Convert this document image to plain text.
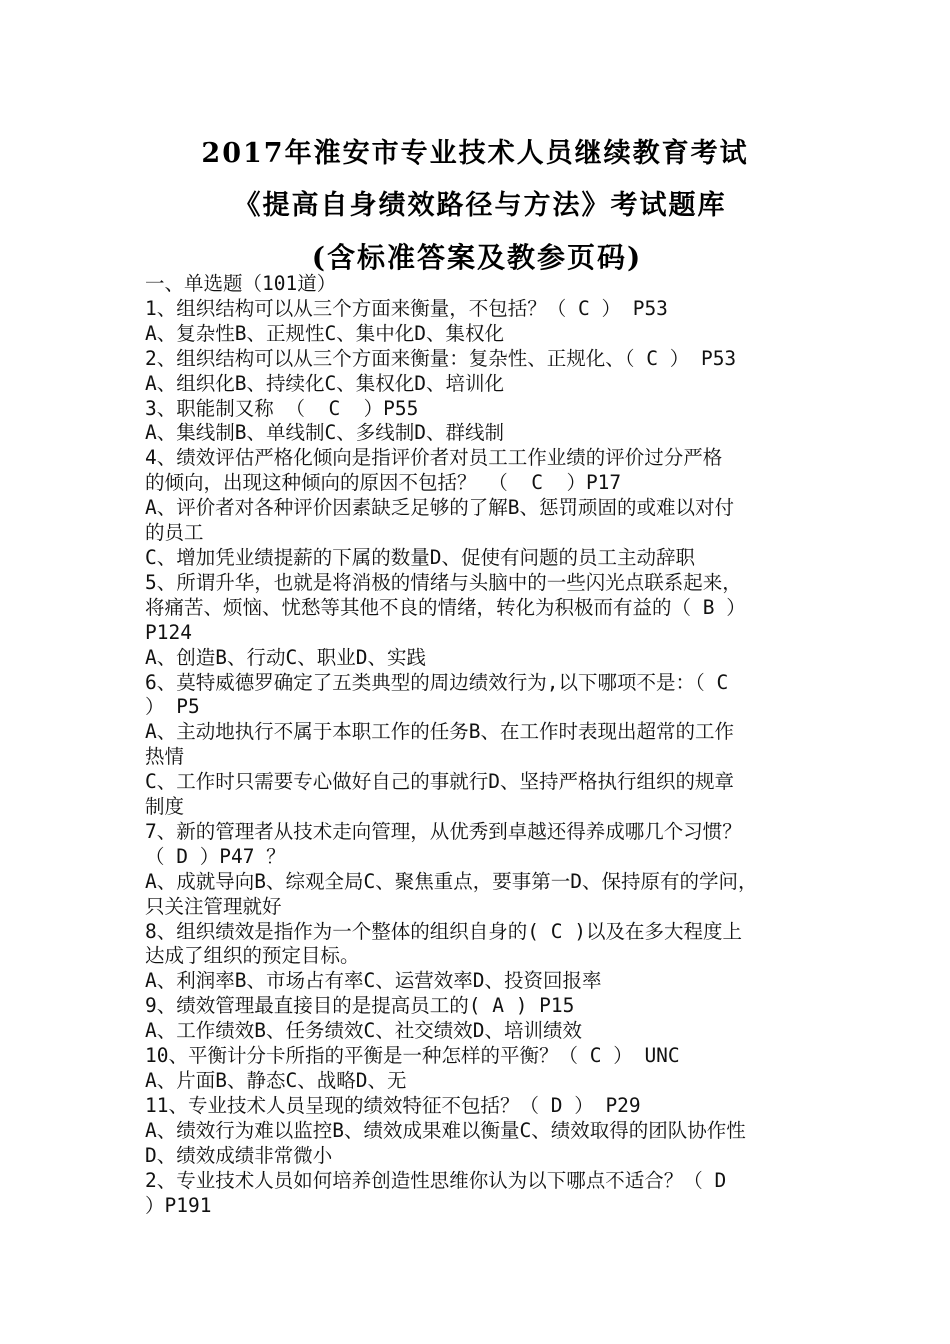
2017年淮安市专业技术人员继续教育考试
《提高自身绩效路径与方法》考试题库
(含标准答案及教参页码)
一、单选题（101道）
1、组织结构可以从三个方面来衡量，不包括？（ C ） P53
A、复杂性B、正规性C、集中化D、集权化
2、组织结构可以从三个方面来衡量：复杂性、正规化、（ C ） P53
A、组织化B、持续化C、集权化D、培训化
3、职能制又称 （  C  ）P55
A、集线制B、单线制C、多线制D、群线制
4、绩效评估严格化倾向是指评价者对员工工作业绩的评价过分严格
的倾向，出现这种倾向的原因不包括？ （  C  ）P17
A、评价者对各种评价因素缺乏足够的了解B、惩罚顽固的或难以对付
的员工
C、增加凭业绩提薪的下属的数量D、促使有问题的员工主动辞职
5、所谓升华，也就是将消极的情绪与头脑中的一些闪光点联系起来，
将痛苦、烦恼、忧愁等其他不良的情绪，转化为积极而有益的（ B ）
P124
A、创造B、行动C、职业D、实践
6、莫特威德罗确定了五类典型的周边绩效行为,以下哪项不是：（ C
） P5
A、主动地执行不属于本职工作的任务B、在工作时表现出超常的工作
热情
C、工作时只需要专心做好自己的事就行D、坚持严格执行组织的规章
制度
7、新的管理者从技术走向管理，从优秀到卓越还得养成哪几个习惯？
（ D ）P47 ？
A、成就导向B、综观全局C、聚焦重点，要事第一D、保持原有的学问，
只关注管理就好
8、组织绩效是指作为一个整体的组织自身的( C )以及在多大程度上
达成了组织的预定目标。
A、利润率B、市场占有率C、运营效率D、投资回报率
9、绩效管理最直接目的是提高员工的( A ) P15
A、工作绩效B、任务绩效C、社交绩效D、培训绩效
10、平衡计分卡所指的平衡是一种怎样的平衡？（ C ） UNC
A、片面B、静态C、战略D、无
11、专业技术人员呈现的绩效特征不包括？（ D ） P29
A、绩效行为难以监控B、绩效成果难以衡量C、绩效取得的团队协作性
D、绩效成绩非常微小
2、专业技术人员如何培养创造性思维你认为以下哪点不适合？（ D
）P191
